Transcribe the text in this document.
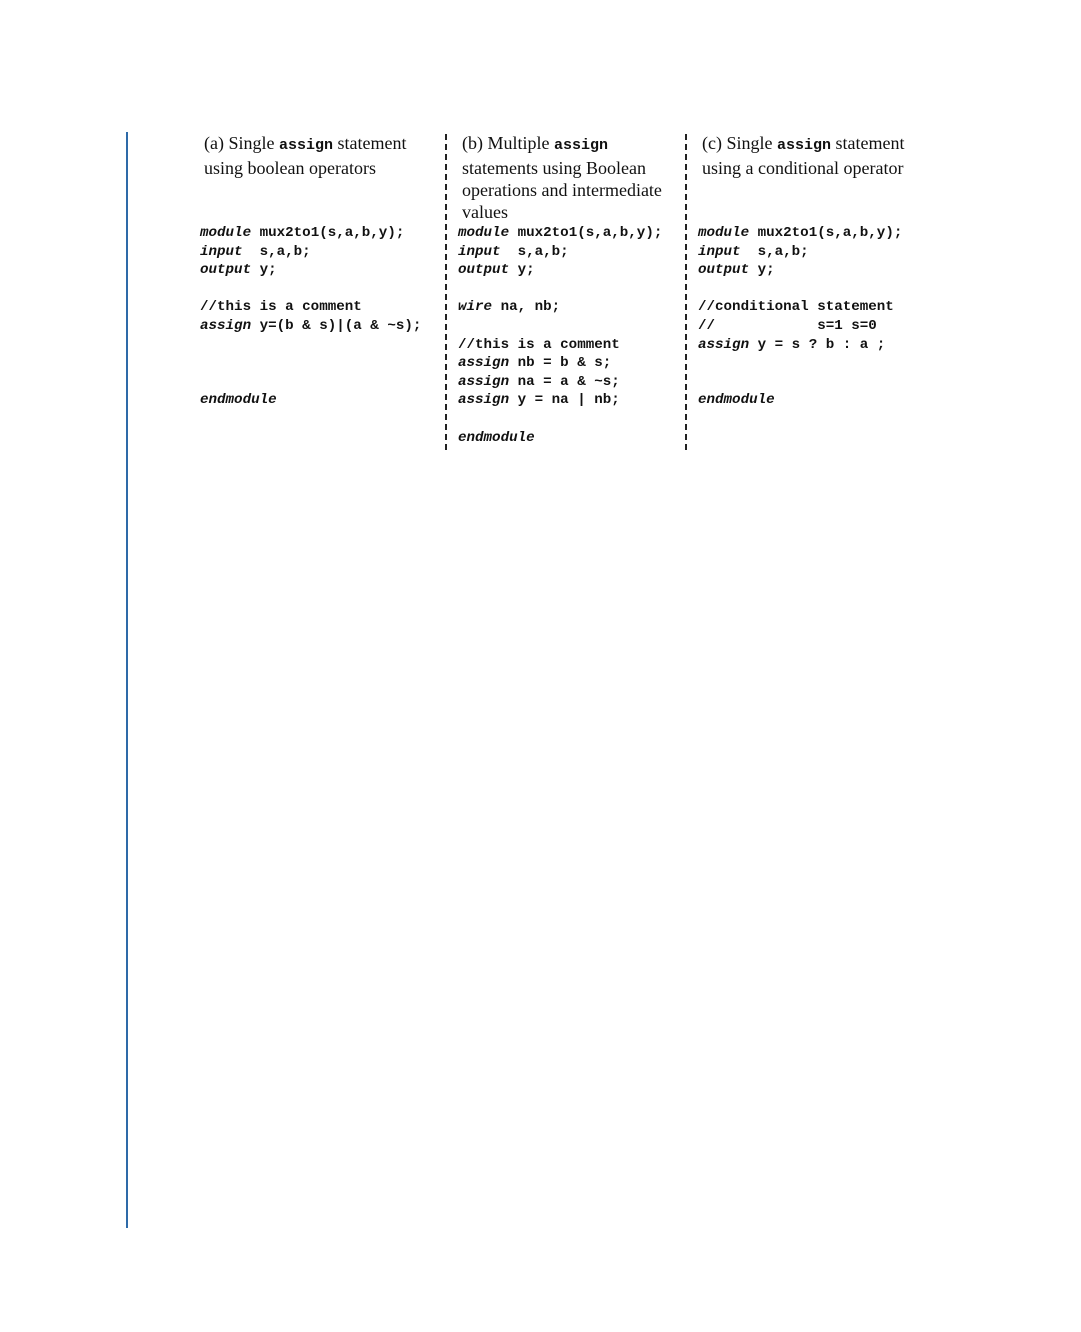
(a) Single assign statement using boolean operators
module mux2to1(s,a,b,y);
input  s,a,b;
output y;

//this is a comment
assign y=(b & s)|(a & ~s);

endmodule
(b) Multiple assign statements using Boolean operations and intermediate values
module mux2to1(s,a,b,y);
input  s,a,b;
output y;

wire na, nb;

//this is a comment
assign nb = b & s;
assign na = a & ~s;
assign y = na | nb;

endmodule
(c) Single assign statement using a conditional operator
module mux2to1(s,a,b,y);
input  s,a,b;
output y;

//conditional statement
//            s=1 s=0
assign y = s ? b : a ;

endmodule
